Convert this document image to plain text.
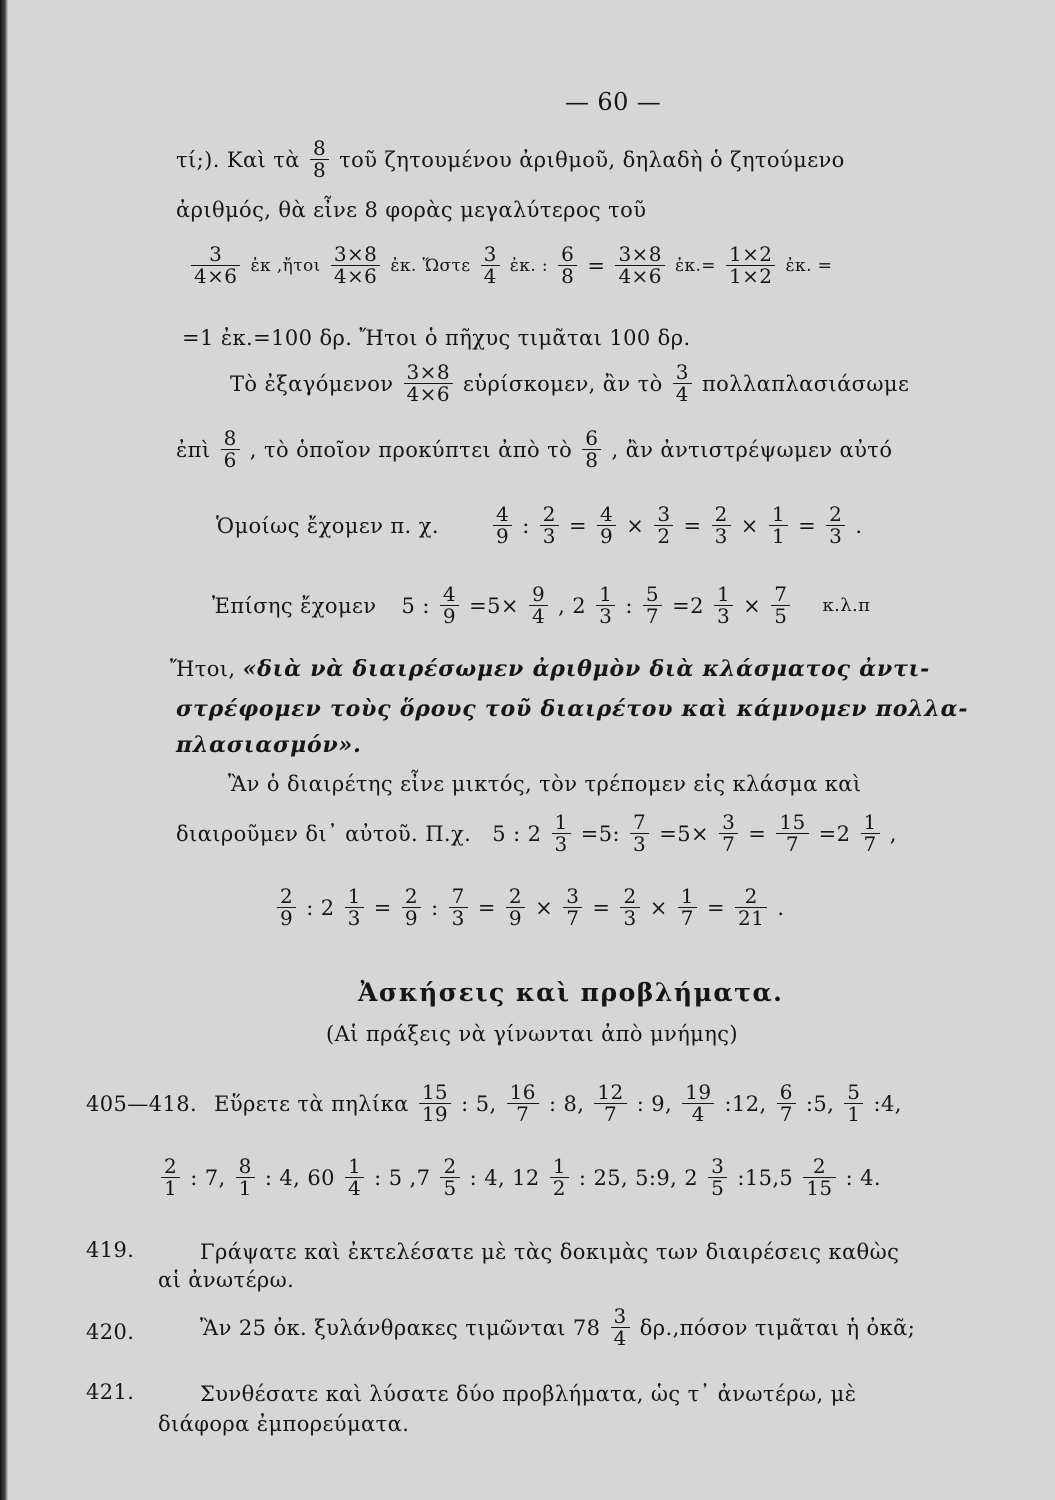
— 60 —
τί;). Καὶ τὰ $\frac{8}{8}$ τοῦ ζητουμένου ἀριθμοῦ, δηλαδὴ ὁ ζητούμενο
ἀριθμός, θὰ εἶνε 8 φορὰς μεγαλύτερος τοῦ
$\frac{3}{4\times 6}$ ἐκ ,ἤτοι $\frac{3\times 8}{4\times 6}$ ἐκ. Ὥστε $\frac{3}{4}$ ἐκ. : $\frac{6}{8} = \frac{3\times 8}{4\times 6}$ ἐκ.= $\frac{1\times 2}{1\times 2}$ ἐκ. =
=1 ἐκ.=100 δρ. Ἤτοι ὁ πῆχυς τιμᾶται 100 δρ.
Τὸ ἐξαγόμενον $\frac{3\times 8}{4\times 6}$ εὑρίσκομεν, ἂν τὸ $\frac{3}{4}$ πολλαπλασιάσωμε
ἐπὶ $\frac{8}{6}$ , τὸ ὁποῖον προκύπτει ἀπὸ τὸ $\frac{6}{8}$ , ἂν ἀντιστρέψωμεν αὐτό
Ὁμοίως ἔχομεν π. χ.	$\frac{4}{9}$ : $\frac{2}{3} = \frac{4}{9} \times \frac{3}{2} = \frac{2}{3} \times \frac{1}{1} = \frac{2}{3}$ .
Ἐπίσης ἔχομεν 5 : $\frac{4}{9} =5\times \frac{9}{4}$ , $2 \frac{1}{3}$ : $\frac{5}{7} =2 \frac{1}{3} \times \frac{7}{5} \kappa.\lambda.\pi$
Ἤτοι, «διὰ νὰ διαιρέσωμεν ἀριθμὸν διὰ κλάσματος ἀντι-
στρέφομεν τοὺς ὅρους τοῦ διαιρέτου καὶ κάμνομεν πολλα-
πλασιασμόν».
Ἂν ὁ διαιρέτης εἶνε μικτός, τὸν τρέπομεν εἰς κλάσμα καὶ
διαιροῦμεν δι᾽ αὐτοῦ. Π.χ. 5 : $2 \frac{1}{3} =5$: $\frac{7}{3} =5\times \frac{3}{7} = \frac{15}{7} =2 \frac{1}{7}$ ,
$\frac{2}{9}$ : $2 \frac{1}{3} = \frac{2}{9}$ : $\frac{7}{3} = \frac{2}{9} \times \frac{3}{7} = \frac{2}{3} \times \frac{1}{7} = \frac{2}{21}$ .
Ἀσκήσεις καὶ προβλήματα.
(Αἱ πράξεις νὰ γίνωνται ἀπὸ μνήμης)
405—418. Εὕρετε τὰ πηλίκα $\frac{15}{19}$ : 5, $\frac{16}{7}$ : 8, $\frac{12}{7}$ : 9, $\frac{19}{4}$ :12, $\frac{6}{7}$ :5, $\frac{5}{1}$ :4,
$\frac{2}{1}$ : 7, $\frac{8}{1}$ : 4, $60 \frac{1}{4}$ : 5 $,7 \frac{2}{5}$ : 4, $12 \frac{1}{2}$ : 25, 5:9, $2 \frac{3}{5}$ :15,5 $\frac{2}{15}$ : 4.
419.	Γράψατε καὶ ἐκτελέσατε μὲ τὰς δοκιμὰς των διαιρέσεις καθὼς
αἱ ἀνωτέρω.
420.	Ἂν 25 ὀκ. ξυλάνθρακες τιμῶνται $78 \frac{3}{4} \delta\rho.,\pi ό\sigma o\nu$ τιμᾶται ἡ ὀκᾶ;
421.	Συνθέσατε καὶ λύσατε δύο προβλήματα, ὡς τ᾽ ἀνωτέρω, μὲ
διάφορα ἐμπορεύματα.
